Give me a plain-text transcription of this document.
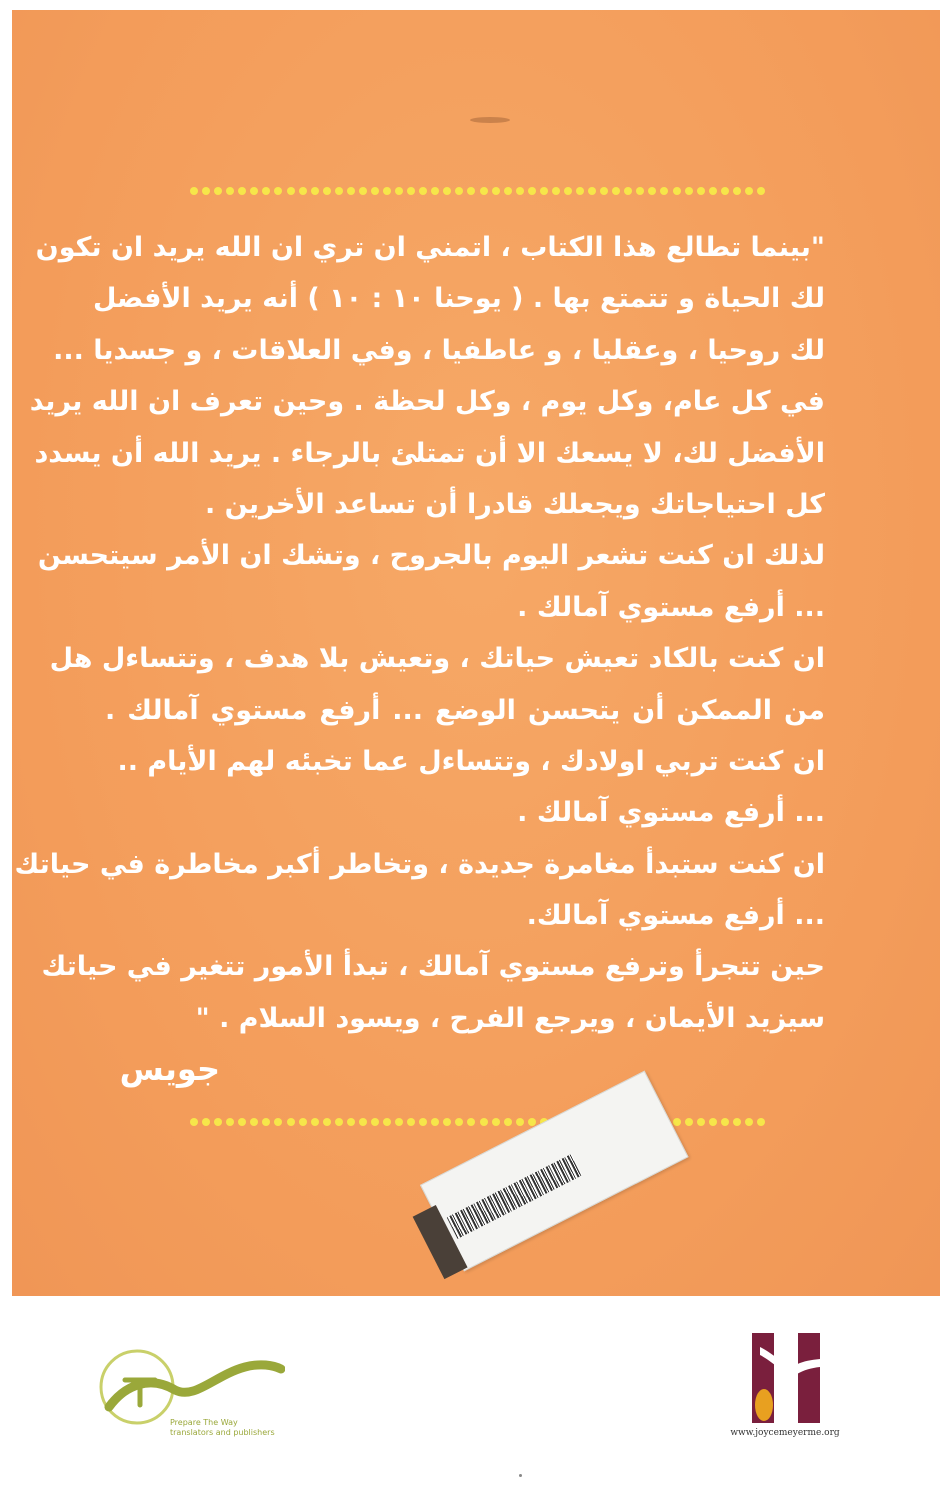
"بينما تطالع هذا الكتاب ، اتمني ان تري ان الله يريد ان تكون
لك الحياة و تتمتع بها . ( يوحنا ١٠ : ١٠ ) أنه يريد الأفضل
لك روحيا ، وعقليا ، و عاطفيا ، وفي العلاقات ، و جسديا ...
في كل عام، وكل يوم ، وكل لحظة . وحين تعرف ان الله يريد
الأفضل لك، لا يسعك الا أن تمتلئ بالرجاء . يريد الله أن يسدد
كل احتياجاتك ويجعلك قادرا أن تساعد الأخرين .
لذلك ان كنت تشعر اليوم بالجروح ، وتشك ان الأمر سيتحسن
... أرفع مستوي آمالك .
ان كنت بالكاد تعيش حياتك ، وتعيش بلا هدف ، وتتساءل هل
من الممكن أن يتحسن الوضع ... أرفع مستوي آمالك .
ان كنت تربي اولادك ، وتتساءل عما تخبئه لهم الأيام ..
... أرفع مستوي آمالك .
ان كنت ستبدأ مغامرة جديدة ، وتخاطر أكبر مخاطرة في حياتك
... أرفع مستوي آمالك.
حين تتجرأ وترفع مستوي آمالك ، تبدأ الأمور تتغير في حياتك
سيزيد الأيمان ، ويرجع الفرح ، ويسود السلام . "
جويس
Prepare The Way
translators and publishers	www.joycemeyerme.org
